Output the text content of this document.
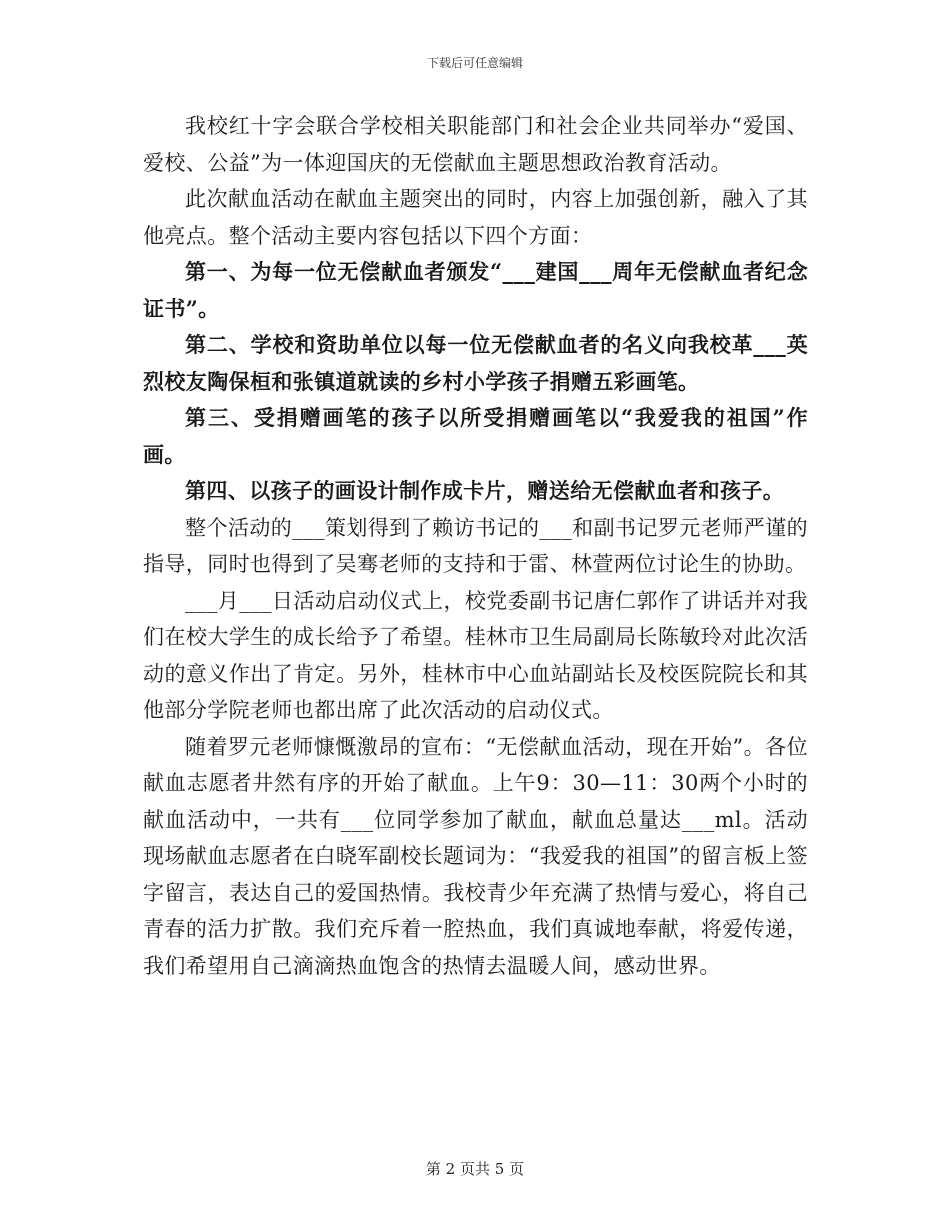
下载后可任意编辑

我校红十字会联合学校相关职能部门和社会企业共同举办“爱国、爱校、公益”为一体迎国庆的无偿献血主题思想政治教育活动。

此次献血活动在献血主题突出的同时，内容上加强创新，融入了其他亮点。整个活动主要内容包括以下四个方面：

第一、为每一位无偿献血者颁发“___建国___周年无偿献血者纪念证书”。

第二、学校和资助单位以每一位无偿献血者的名义向我校革___英烈校友陶保桓和张镇道就读的乡村小学孩子捐赠五彩画笔。

第三、受捐赠画笔的孩子以所受捐赠画笔以“我爱我的祖国”作画。

第四、以孩子的画设计制作成卡片，赠送给无偿献血者和孩子。

整个活动的___策划得到了赖访书记的___和副书记罗元老师严谨的指导，同时也得到了吴骞老师的支持和于雷、林萱两位讨论生的协助。

___月___日活动启动仪式上，校党委副书记唐仁郭作了讲话并对我们在校大学生的成长给予了希望。桂林市卫生局副局长陈敏玲对此次活动的意义作出了肯定。另外，桂林市中心血站副站长及校医院院长和其他部分学院老师也都出席了此次活动的启动仪式。

随着罗元老师慷慨激昂的宣布：“无偿献血活动，现在开始”。各位献血志愿者井然有序的开始了献血。上午9：30—11：30两个小时的献血活动中，一共有___位同学参加了献血，献血总量达___ml。活动现场献血志愿者在白晓军副校长题词为：“我爱我的祖国”的留言板上签字留言，表达自己的爱国热情。我校青少年充满了热情与爱心，将自己青春的活力扩散。我们充斥着一腔热血，我们真诚地奉献，将爱传递，我们希望用自己滴滴热血饱含的热情去温暖人间，感动世界。

第 2 页共 5 页
